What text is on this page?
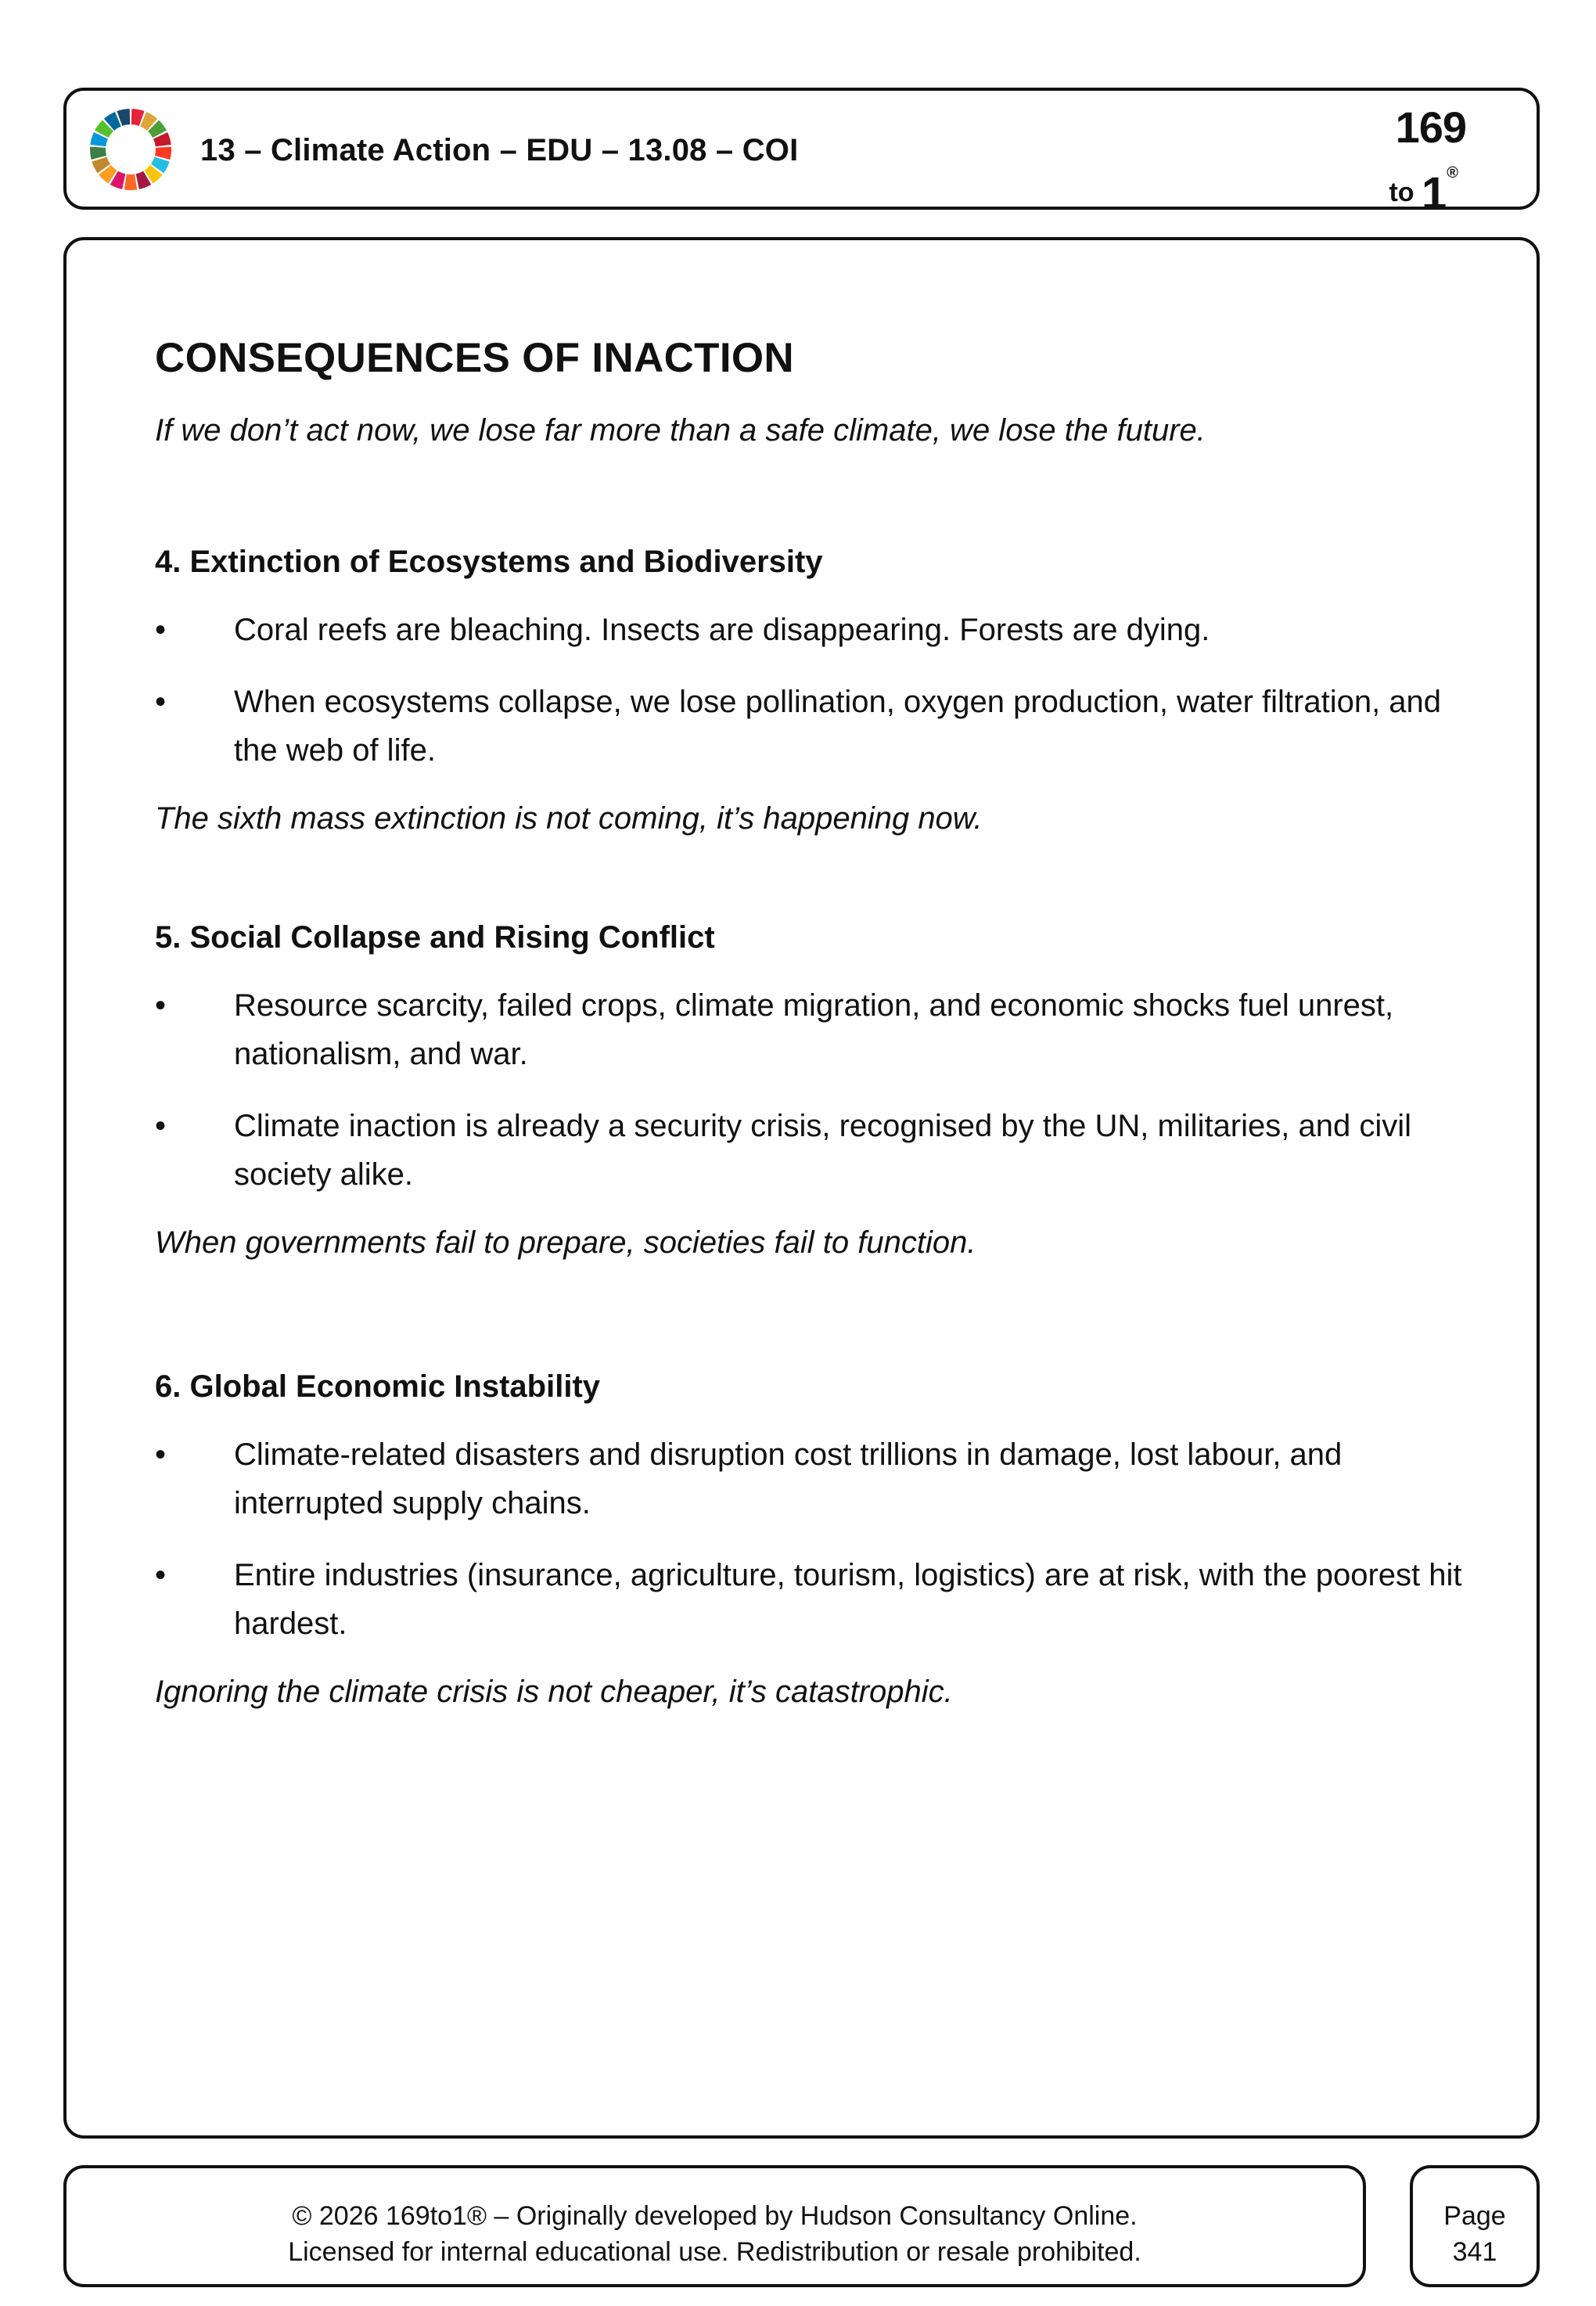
13 – Climate Action – EDU – 13.08 – COI	169
to 1®
CONSEQUENCES OF INACTION

If we don’t act now, we lose far more than a safe climate, we lose the future.

4. Extinction of Ecosystems and Biodiversity
• Coral reefs are bleaching. Insects are disappearing. Forests are dying.
• When ecosystems collapse, we lose pollination, oxygen production, water filtration, and the web of life.

The sixth mass extinction is not coming, it’s happening now.

5. Social Collapse and Rising Conflict
• Resource scarcity, failed crops, climate migration, and economic shocks fuel unrest, nationalism, and war.
• Climate inaction is already a security crisis, recognised by the UN, militaries, and civil society alike.

When governments fail to prepare, societies fail to function.

6. Global Economic Instability
• Climate-related disasters and disruption cost trillions in damage, lost labour, and interrupted supply chains.
• Entire industries (insurance, agriculture, tourism, logistics) are at risk, with the poorest hit hardest.

Ignoring the climate crisis is not cheaper, it’s catastrophic.

© 2026 169to1® – Originally developed by Hudson Consultancy Online.
Licensed for internal educational use. Redistribution or resale prohibited.
Page
341
